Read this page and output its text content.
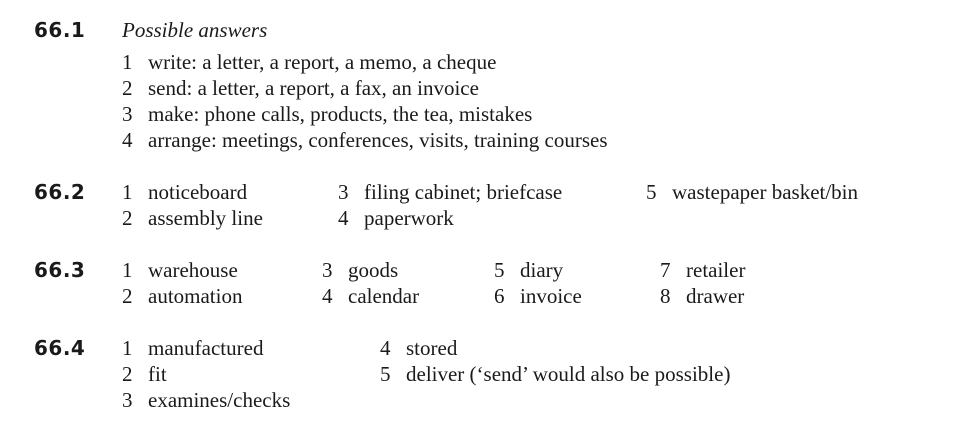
66.1 Possible answers
1 write: a letter, a report, a memo, a cheque
2 send: a letter, a report, a fax, an invoice
3 make: phone calls, products, the tea, mistakes
4 arrange: meetings, conferences, visits, training courses
66.2 1 noticeboard
2 assembly line
3 filing cabinet; briefcase
4 paperwork
5 wastepaper basket/bin
66.3 1 warehouse
2 automation
3 goods
4 calendar
5 diary
6 invoice
7 retailer
8 drawer
66.4 1 manufactured
2 fit
3 examines/checks
4 stored
5 deliver (‘send’ would also be possible)
